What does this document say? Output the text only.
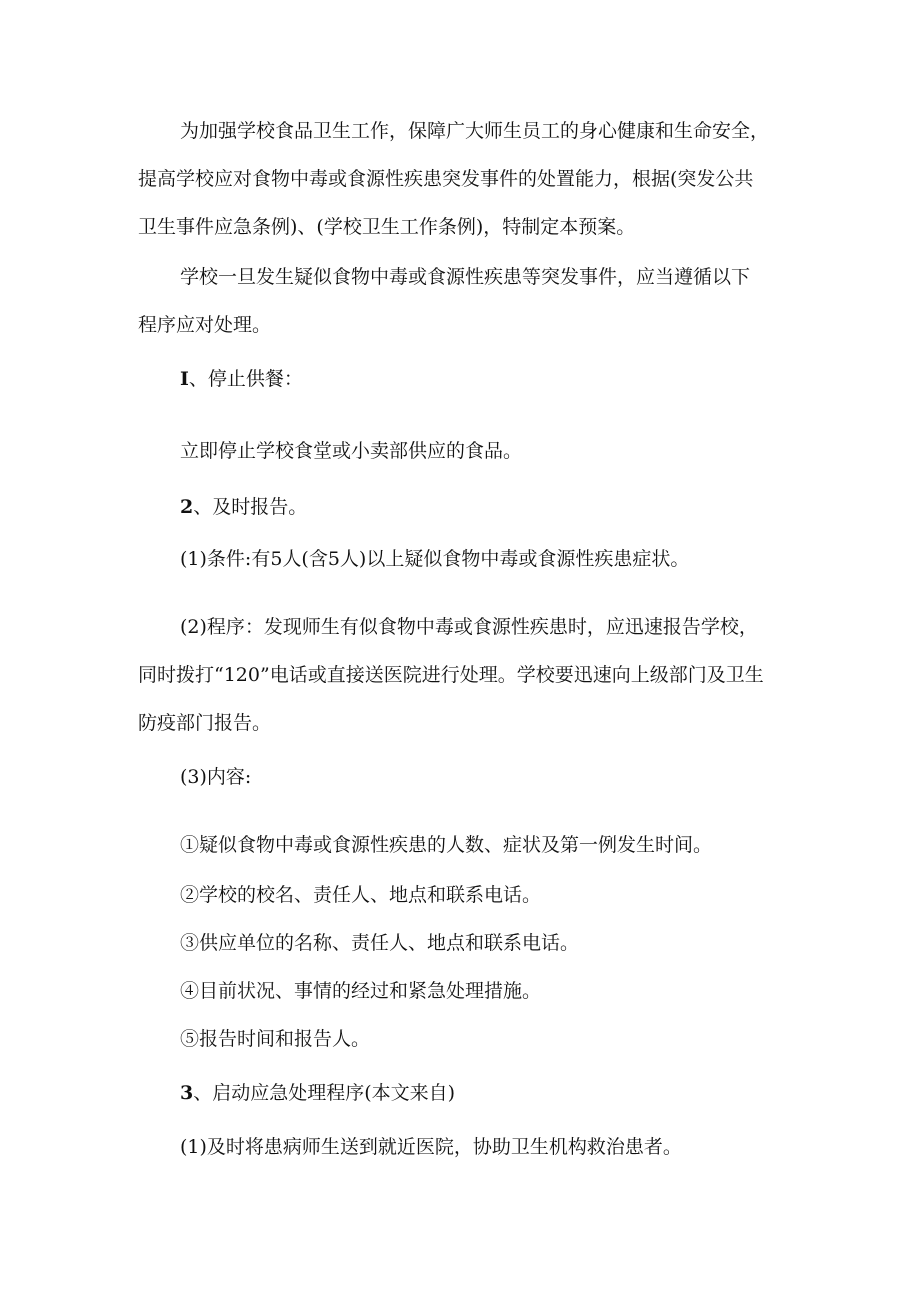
为加强学校食品卫生工作，保障广大师生员工的身心健康和生命安全，

提高学校应对食物中毒或食源性疾患突发事件的处置能力，根据(突发公共

卫生事件应急条例)、(学校卫生工作条例)，特制定本预案。

学校一旦发生疑似食物中毒或食源性疾患等突发事件，应当遵循以下

程序应对处理。

I、停止供餐：

立即停止学校食堂或小卖部供应的食品。

2、及时报告。

(1)条件:有5人(含5人)以上疑似食物中毒或食源性疾患症状。

(2)程序：发现师生有似食物中毒或食源性疾患时，应迅速报告学校，

同时拨打“120”电话或直接送医院进行处理。学校要迅速向上级部门及卫生

防疫部门报告。

(3)内容:

①疑似食物中毒或食源性疾患的人数、症状及第一例发生时间。

②学校的校名、责任人、地点和联系电话。

③供应单位的名称、责任人、地点和联系电话。

④目前状况、事情的经过和紧急处理措施。

⑤报告时间和报告人。

3、启动应急处理程序(本文来自)

(1)及时将患病师生送到就近医院，协助卫生机构救治患者。
